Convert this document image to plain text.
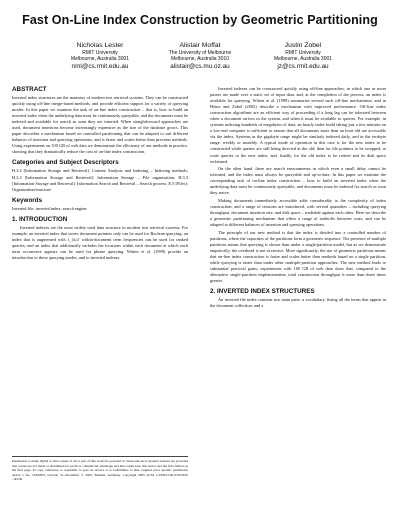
Fast On-Line Index Construction by Geometric Partitioning
Nicholas Lester
RMIT University
Melbourne, Australia 3001
nml@cs.rmit.edu.au
Alistair Moffat
The University of Melbourne
Melbourne, Australia 3010
alistair@cs.mu.oz.au
Justin Zobel
RMIT University
Melbourne, Australia 3001
jz@cs.rmit.edu.au
ABSTRACT

Inverted index structures are the mainstay of modern text retrieval systems. They can be constructed quickly using off-line merge-based methods, and provide efficient support for a variety of querying modes. In this paper we examine the task of on-line index construction – that is, how to build an inverted index when the underlying data must be continuously queryable, and the documents must be indexed and available for search as soon they are inserted. When straightforward approaches are used, document insertions become increasingly expensive as the size of the database grows. This paper describes a mechanism based on controlled partitioning that can be adapted to suit different balances of insertion and querying operations, and is faster and scales better than previous methods. Using experiments on 100 GB of web data we demonstrate the efficiency of our methods in practice, showing that they dramatically reduce the cost of on-line index construction.

Categories and Subject Descriptors

H.3.2 [Information Storage and Retrieval]: Content Analysis and Indexing – Indexing methods; H.3.2 [Information Storage and Retrieval]: Information Storage – File organization; H.3.3 [Information Storage and Retrieval]: Information Search and Retrieval – Search process; E.5 [Files]: Organization/structure

Keywords

Inverted file, inverted index, search engine.

1. INTRODUCTION

Inverted indexes are the most widely used data structure in modern text retrieval systems. For example, an inverted index that stores document pointers only can be used for Boolean querying; an index that is augmented with f_{d,t} within-document term frequencies can be used for ranked queries; and an index that additionally includes the locations within each document at which each term occurrence appears can be used for phrase querying. Witten et al. (1999) provide an introduction to these querying modes, and to inverted indexes.

Permission to make digital or hard copies of all or part of this work for personal or classroom use is granted without fee provided that copies are not made or distributed for profit or commercial advantage and that copies bear this notice and the full citation on the first page. To copy otherwise, to republish, to post on servers or to redistribute to lists, requires prior specific permission and/or a fee. CIKM'05, October 31–November 5, 2005, Bremen, Germany. Copyright 2005 ACM 1-59593-140-6/05/0010 ...$5.00.

Inverted indexes can be constructed quickly using off-line approaches, in which one or more passes are made over a static set of input data, and, at the completion of the process, an index is available for querying. Witten et al. (1999) summarize several such off-line mechanisms; and in Heinz and Zobel (2003) describe a mechanism with improved performance. Off-line index construction algorithms are an efficient way of proceeding if a long lag can be tolerated between when a document arrives in the system, and when it must be available to queries. For example, in systems indexing hundreds of megabytes of data, an hourly index build taking just a few minutes on a low-end computer is sufficient to ensure that all documents more than an hour old are accessible via the index. Systems in the gigabyte range might be similarly indexed daily, and in the terabyte range, weekly or monthly. A typical mode of operation in this case is for the new index to be constructed while queries are still being directed at the old; then for file pointers to be swapped, to route queries to the new index; and, finally, for the old index to be retired and its disk space reclaimed.

On the other hand, there are search environments in which even a small delay cannot be tolerated, and the index must always be queryable and up-to-date. In this paper we examine the corresponding task of on-line index construction – how to build an inverted index when the underlying data must be continuously queryable, and documents must be indexed for search as soon they arrive.

Making documents immediately accessible adds considerably to the complexity of index construction, and a range of tensions are introduced, with several quantities – including querying throughput, document insertion rate, and disk space – tradeable against each other. Here we describe a geometric partitioning mechanism that offers a range of tradeoffs between costs, and can be adapted to different balances of insertion and querying operations.

The principle of our new method is that the index is divided into a controlled number of partitions, where the capacities of the partitions form a geometric sequence. The presence of multiple partitions means that querying is slower than under a single-partition model, but as we demonstrate empirically, the overhead is not excessive. More significantly, the use of geometric partitions means that on-line index construction is faster and scales better than methods based on a single partition, while querying is faster than under other multiple-partition approaches. The new method leads to substantial practical gains; experiments with 100 GB of web data show that, compared to the alternative single-partition implementation, total construction throughput is more than three times greater.

2. INVERTED INDEX STRUCTURES

An inverted file index contains two main parts: a vocabulary, listing all the terms that appear in the document collection; and a
